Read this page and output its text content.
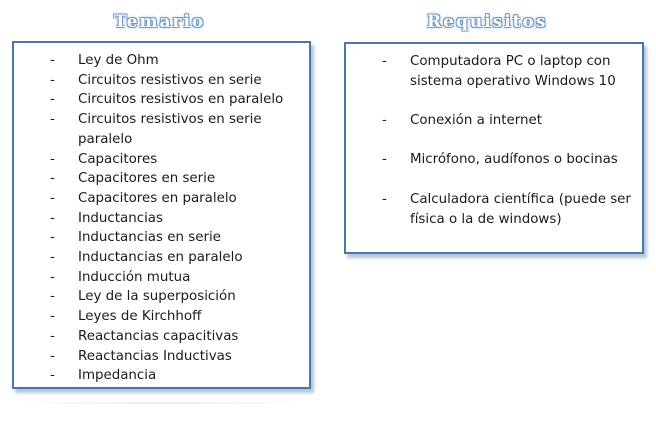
Temario	Requisitos
- Ley de Ohm
- Circuitos resistivos en serie
- Circuitos resistivos en paralelo
- Circuitos resistivos en serie paralelo
- Capacitores
- Capacitores en serie
- Capacitores en paralelo
- Inductancias
- Inductancias en serie
- Inductancias en paralelo
- Inducción mutua
- Ley de la superposición
- Leyes de Kirchhoff
- Reactancias capacitivas
- Reactancias Inductivas
- Impedancia
- Computadora PC o laptop con sistema operativo Windows 10
- Conexión a internet
- Micrófono, audífonos o bocinas
- Calculadora científica (puede ser física o la de windows)
